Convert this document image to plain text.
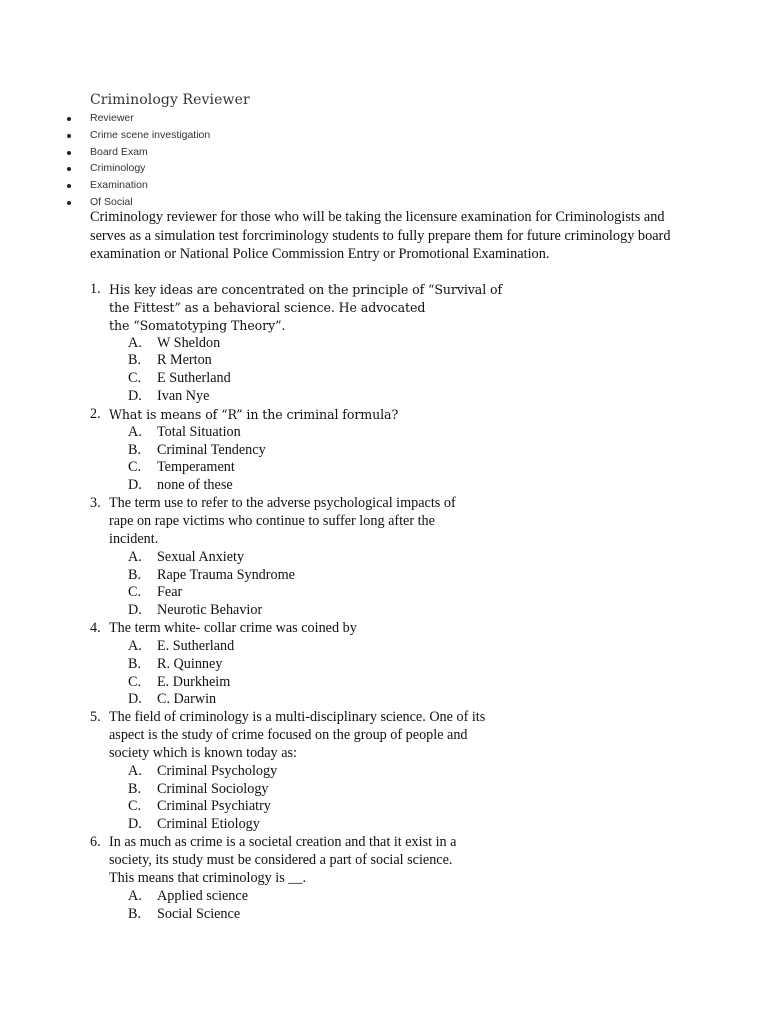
Criminology Reviewer
Reviewer
Crime scene investigation
Board Exam
Criminology
Examination
Of Social

Criminology reviewer for those who will be taking the licensure examination for Criminologists and
serves as a simulation test forcriminology students to fully prepare them for future criminology board
examination or National Police Commission Entry or Promotional Examination.

1. His key ideas are concentrated on the principle of “Survival of
the Fittest” as a behavioral science. He advocated
the “Somatotyping Theory”.
A. W Sheldon
B. R Merton
C. E Sutherland
D. Ivan Nye
2. What is means of “R” in the criminal formula?
A. Total Situation
B. Criminal Tendency
C. Temperament
D. none of these
3. The term use to refer to the adverse psychological impacts of
rape on rape victims who continue to suffer long after the
incident.
A. Sexual Anxiety
B. Rape Trauma Syndrome
C. Fear
D. Neurotic Behavior
4. The term white- collar crime was coined by
A. E. Sutherland
B. R. Quinney
C. E. Durkheim
D. C. Darwin
5. The field of criminology is a multi-disciplinary science. One of its
aspect is the study of crime focused on the group of people and
society which is known today as:
A. Criminal Psychology
B. Criminal Sociology
C. Criminal Psychiatry
D. Criminal Etiology
6. In as much as crime is a societal creation and that it exist in a
society, its study must be considered a part of social science.
This means that criminology is __.
A. Applied science
B. Social Science
